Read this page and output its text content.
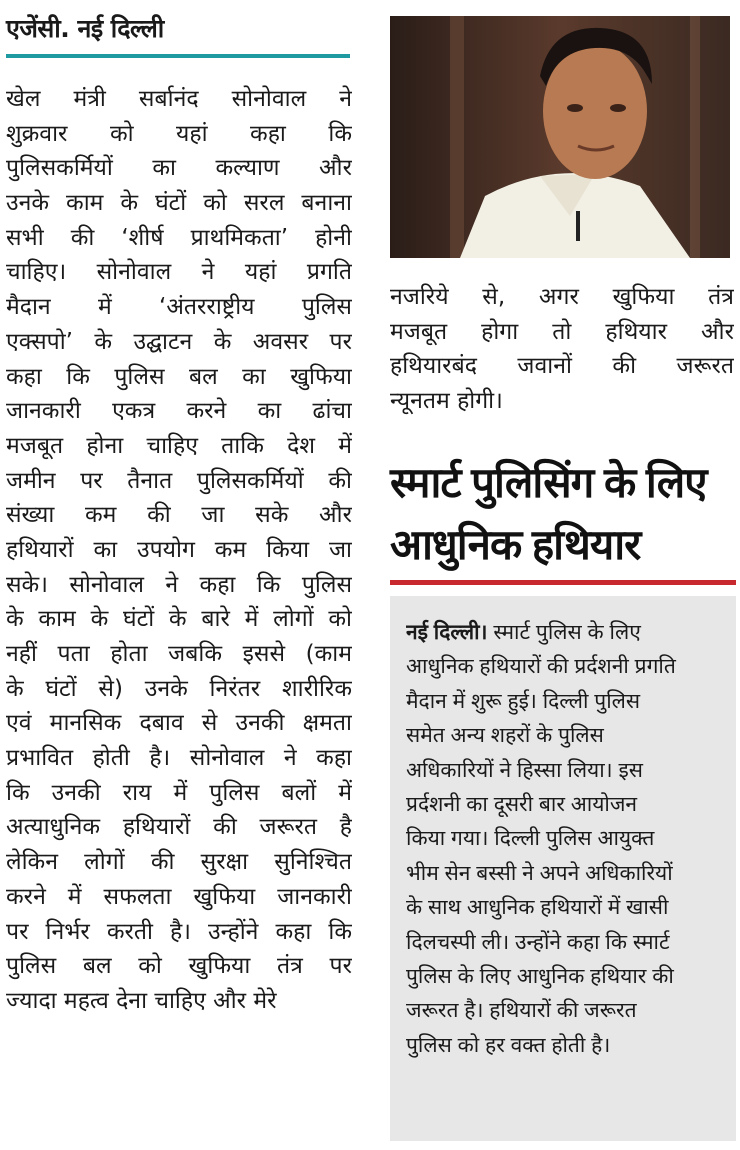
एजेंसी. नई दिल्ली
खेल मंत्री सर्बानंद सोनोवाल ने
शुक्रवार को यहां कहा कि
पुलिसकर्मियों का कल्याण और
उनके काम के घंटों को सरल बनाना
सभी की ‘शीर्ष प्राथमिकता’ होनी
चाहिए। सोनोवाल ने यहां प्रगति
मैदान में ‘अंतरराष्ट्रीय पुलिस
एक्सपो’ के उद्घाटन के अवसर पर
कहा कि पुलिस बल का खुफिया
जानकारी एकत्र करने का ढांचा
मजबूत होना चाहिए ताकि देश में
जमीन पर तैनात पुलिसकर्मियों की
संख्या कम की जा सके और
हथियारों का उपयोग कम किया जा
सके। सोनोवाल ने कहा कि पुलिस
के काम के घंटों के बारे में लोगों को
नहीं पता होता जबकि इससे (काम
के घंटों से) उनके निरंतर शारीरिक
एवं मानसिक दबाव से उनकी क्षमता
प्रभावित होती है। सोनोवाल ने कहा
कि उनकी राय में पुलिस बलों में
अत्याधुनिक हथियारों की जरूरत है
लेकिन लोगों की सुरक्षा सुनिश्चित
करने में सफलता खुफिया जानकारी
पर निर्भर करती है। उन्होंने कहा कि
पुलिस बल को खुफिया तंत्र पर
ज्यादा महत्व देना चाहिए और मेरे
नजरिये से, अगर खुफिया तंत्र
मजबूत होगा तो हथियार और
हथियारबंद जवानों की जरूरत
न्यूनतम होगी।
स्मार्ट पुलिसिंग के लिए
आधुनिक हथियार
नई दिल्ली। स्मार्ट पुलिस के लिए
आधुनिक हथियारों की प्रर्दशनी प्रगति
मैदान में शुरू हुई। दिल्ली पुलिस
समेत अन्य शहरों के पुलिस
अधिकारियों ने हिस्सा लिया। इस
प्रर्दशनी का दूसरी बार आयोजन
किया गया। दिल्ली पुलिस आयुक्त
भीम सेन बस्सी ने अपने अधिकारियों
के साथ आधुनिक हथियारों में खासी
दिलचस्पी ली। उन्होंने कहा कि स्मार्ट
पुलिस के लिए आधुनिक हथियार की
जरूरत है। हथियारों की जरूरत
पुलिस को हर वक्त होती है।
